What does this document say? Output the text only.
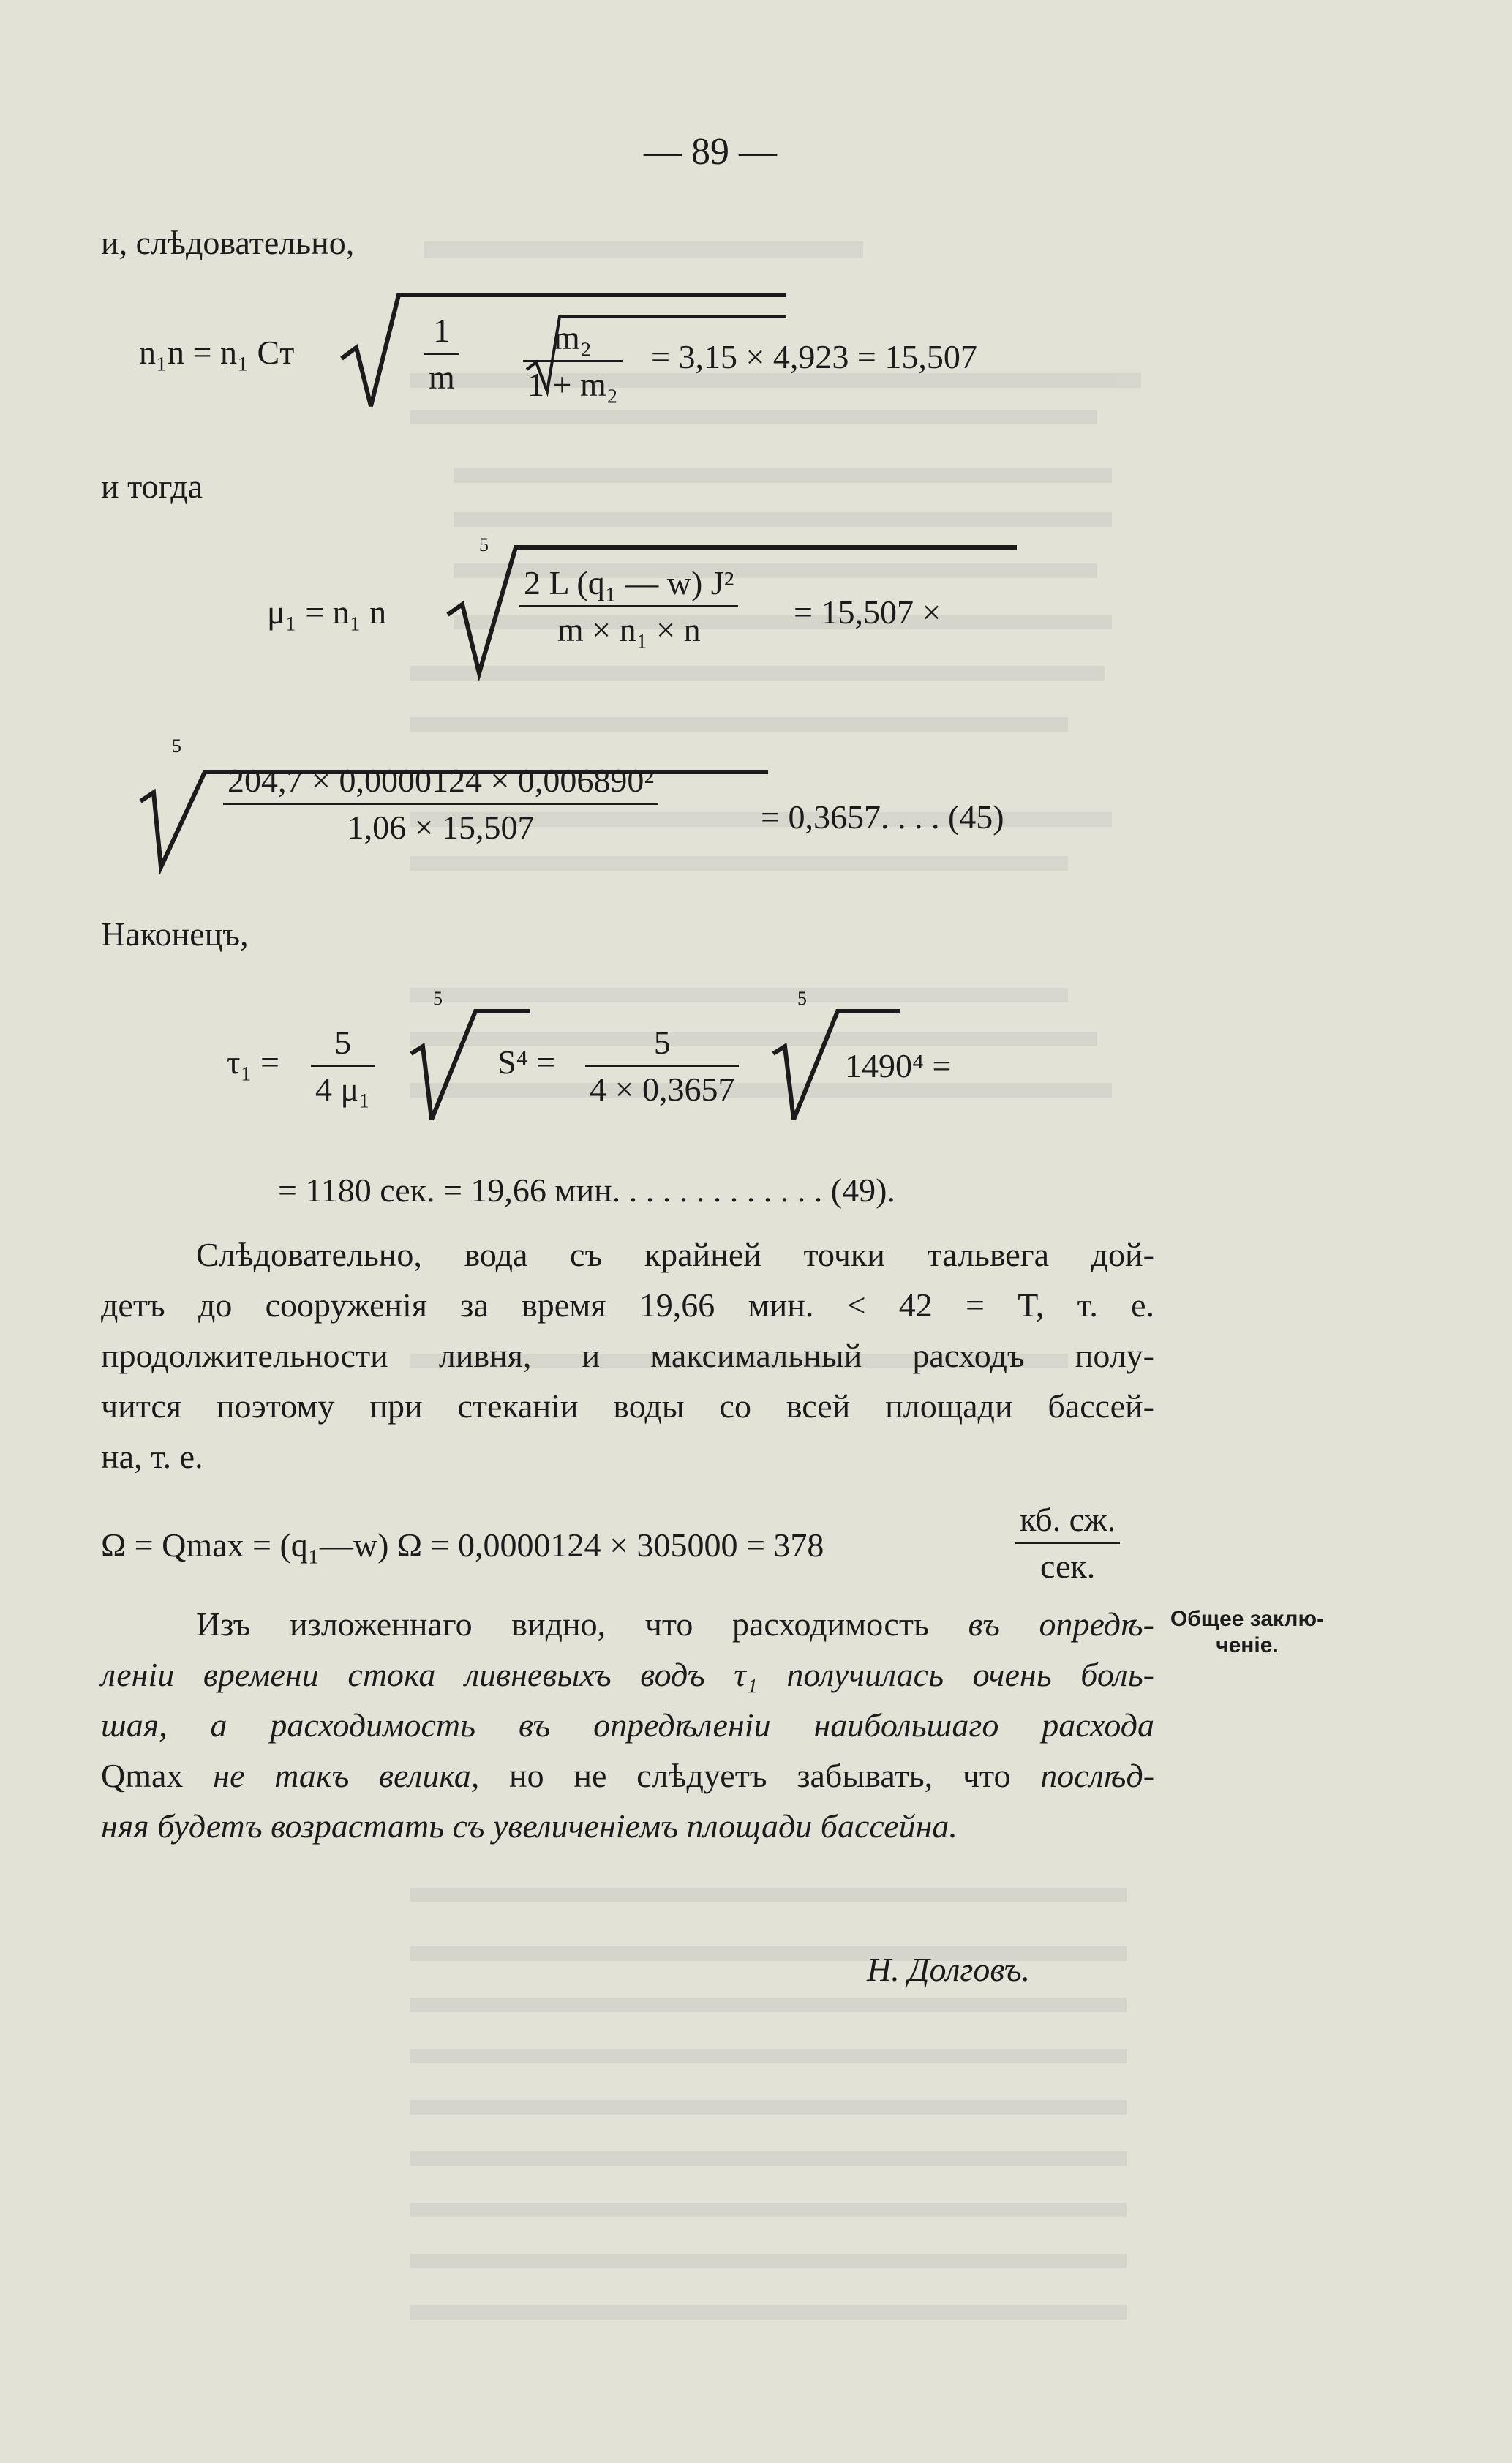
— 89 —
и, слѣдовательно,
n₁n = n₁ Cт	$\frac{1}{m} \frac{\text{m₂}}{\text{1 + m₂}} = 3,15 \times 4,923 = 15,507$
и тогда
μ₁ = n₁ n
5
$\frac{\text{2 L (q₁ — w) J²}}{\text{m × n₁ × n}} = 15,507$ ×
5
$\frac{\text{204,7 × 0,0000124 × 0,006890²}}{1,06 \times 15,507}$	= 0,3657. . . . (45)
Наконецъ,
$\tau_1 = \frac{5}{\text{4 μ₁}}$
5
$S^4 = \frac{5}{4 \times 0,3657}$
5
1490⁴ =
= 1180 сек. = 19,66 мин. . . . . . . . . . . . . (49).
Слѣдовательно, вода съ крайней точки тальвега дой-
детъ до сооруженія за время 19,66 мин. < 42 = T, т. е.
продолжительности ливня, и максимальный расходъ полу-
чится поэтому при стеканіи воды со всей площади бассей-
на, т. е.
Ω = Qmax = (q₁—w) Ω = 0,0000124 × 305000 = 378
кб. сж.
сек.
Изъ изложеннаго видно, что расходимость въ опредѣ-
леніи времени стока ливневыхъ водъ τ₁ получилась очень боль-
шая, а расходимость въ опредѣленіи наибольшаго расхода
Qmax не такъ велика, но не слѣдуетъ забывать, что послѣд-
няя будетъ возрастать съ увеличеніемъ площади бассейна.
Общее заклю-
ченіе.
Н. Долговъ.
